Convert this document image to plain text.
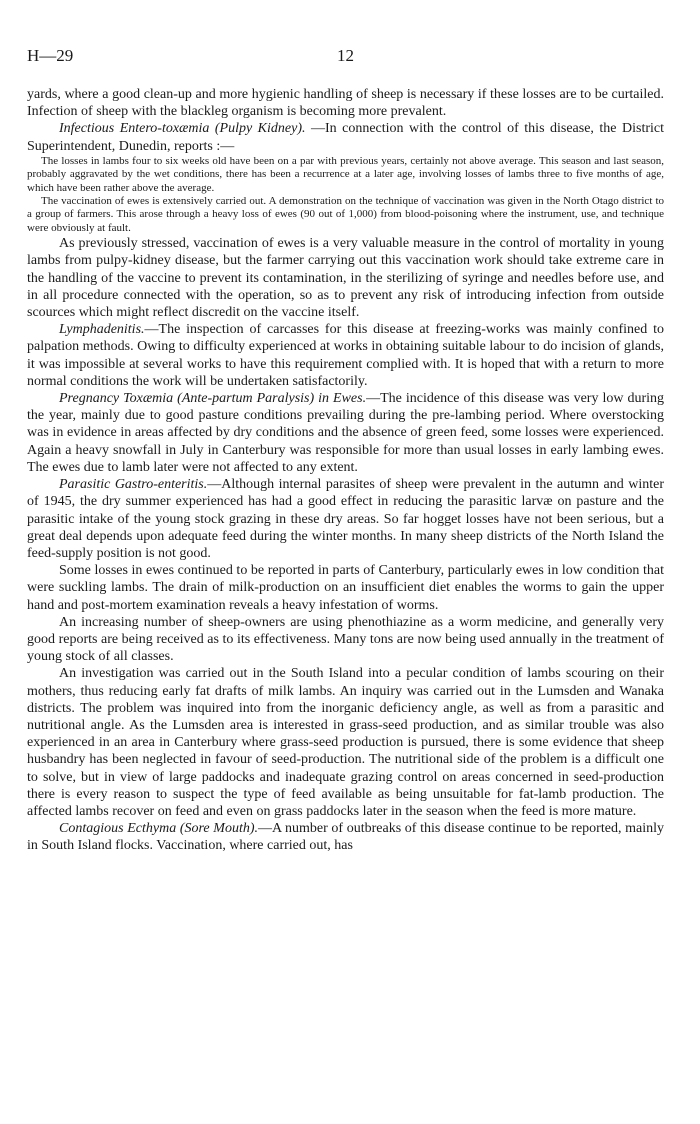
H—29	12

yards, where a good clean-up and more hygienic handling of sheep is necessary if these losses are to be curtailed. Infection of sheep with the blackleg organism is becoming more prevalent.

Infectious Entero-toxæmia (Pulpy Kidney). —In connection with the control of this disease, the District Superintendent, Dunedin, reports :—

The losses in lambs four to six weeks old have been on a par with previous years, certainly not above average. This season and last season, probably aggravated by the wet conditions, there has been a recurrence at a later age, involving losses of lambs three to five months of age, which have been rather above the average.

The vaccination of ewes is extensively carried out. A demonstration on the technique of vaccination was given in the North Otago district to a group of farmers. This arose through a heavy loss of ewes (90 out of 1,000) from blood-poisoning where the instrument, use, and technique were obviously at fault.

As previously stressed, vaccination of ewes is a very valuable measure in the control of mortality in young lambs from pulpy-kidney disease, but the farmer carrying out this vaccination work should take extreme care in the handling of the vaccine to prevent its contamination, in the sterilizing of syringe and needles before use, and in all procedure connected with the operation, so as to prevent any risk of introducing infection from outside scources which might reflect discredit on the vaccine itself.

Lymphadenitis.—The inspection of carcasses for this disease at freezing-works was mainly confined to palpation methods. Owing to difficulty experienced at works in obtaining suitable labour to do incision of glands, it was impossible at several works to have this requirement complied with. It is hoped that with a return to more normal conditions the work will be undertaken satisfactorily.

Pregnancy Toxæmia (Ante-partum Paralysis) in Ewes.—The incidence of this disease was very low during the year, mainly due to good pasture conditions prevailing during the pre-lambing period. Where overstocking was in evidence in areas affected by dry conditions and the absence of green feed, some losses were experienced. Again a heavy snowfall in July in Canterbury was responsible for more than usual losses in early lambing ewes. The ewes due to lamb later were not affected to any extent.

Parasitic Gastro-enteritis.—Although internal parasites of sheep were prevalent in the autumn and winter of 1945, the dry summer experienced has had a good effect in reducing the parasitic larvæ on pasture and the parasitic intake of the young stock grazing in these dry areas. So far hogget losses have not been serious, but a great deal depends upon adequate feed during the winter months. In many sheep districts of the North Island the feed-supply position is not good.

Some losses in ewes continued to be reported in parts of Canterbury, particularly ewes in low condition that were suckling lambs. The drain of milk-production on an insufficient diet enables the worms to gain the upper hand and post-mortem examination reveals a heavy infestation of worms.

An increasing number of sheep-owners are using phenothiazine as a worm medicine, and generally very good reports are being received as to its effectiveness. Many tons are now being used annually in the treatment of young stock of all classes.

An investigation was carried out in the South Island into a pecular condition of lambs scouring on their mothers, thus reducing early fat drafts of milk lambs. An inquiry was carried out in the Lumsden and Wanaka districts. The problem was inquired into from the inorganic deficiency angle, as well as from a parasitic and nutritional angle. As the Lumsden area is interested in grass-seed production, and as similar trouble was also experienced in an area in Canterbury where grass-seed production is pursued, there is some evidence that sheep husbandry has been neglected in favour of seed-production. The nutritional side of the problem is a difficult one to solve, but in view of large paddocks and inadequate grazing control on areas concerned in seed-production there is every reason to suspect the type of feed available as being unsuitable for fat-lamb production. The affected lambs recover on feed and even on grass paddocks later in the season when the feed is more mature.

Contagious Ecthyma (Sore Mouth).—A number of outbreaks of this disease continue to be reported, mainly in South Island flocks. Vaccination, where carried out, has
